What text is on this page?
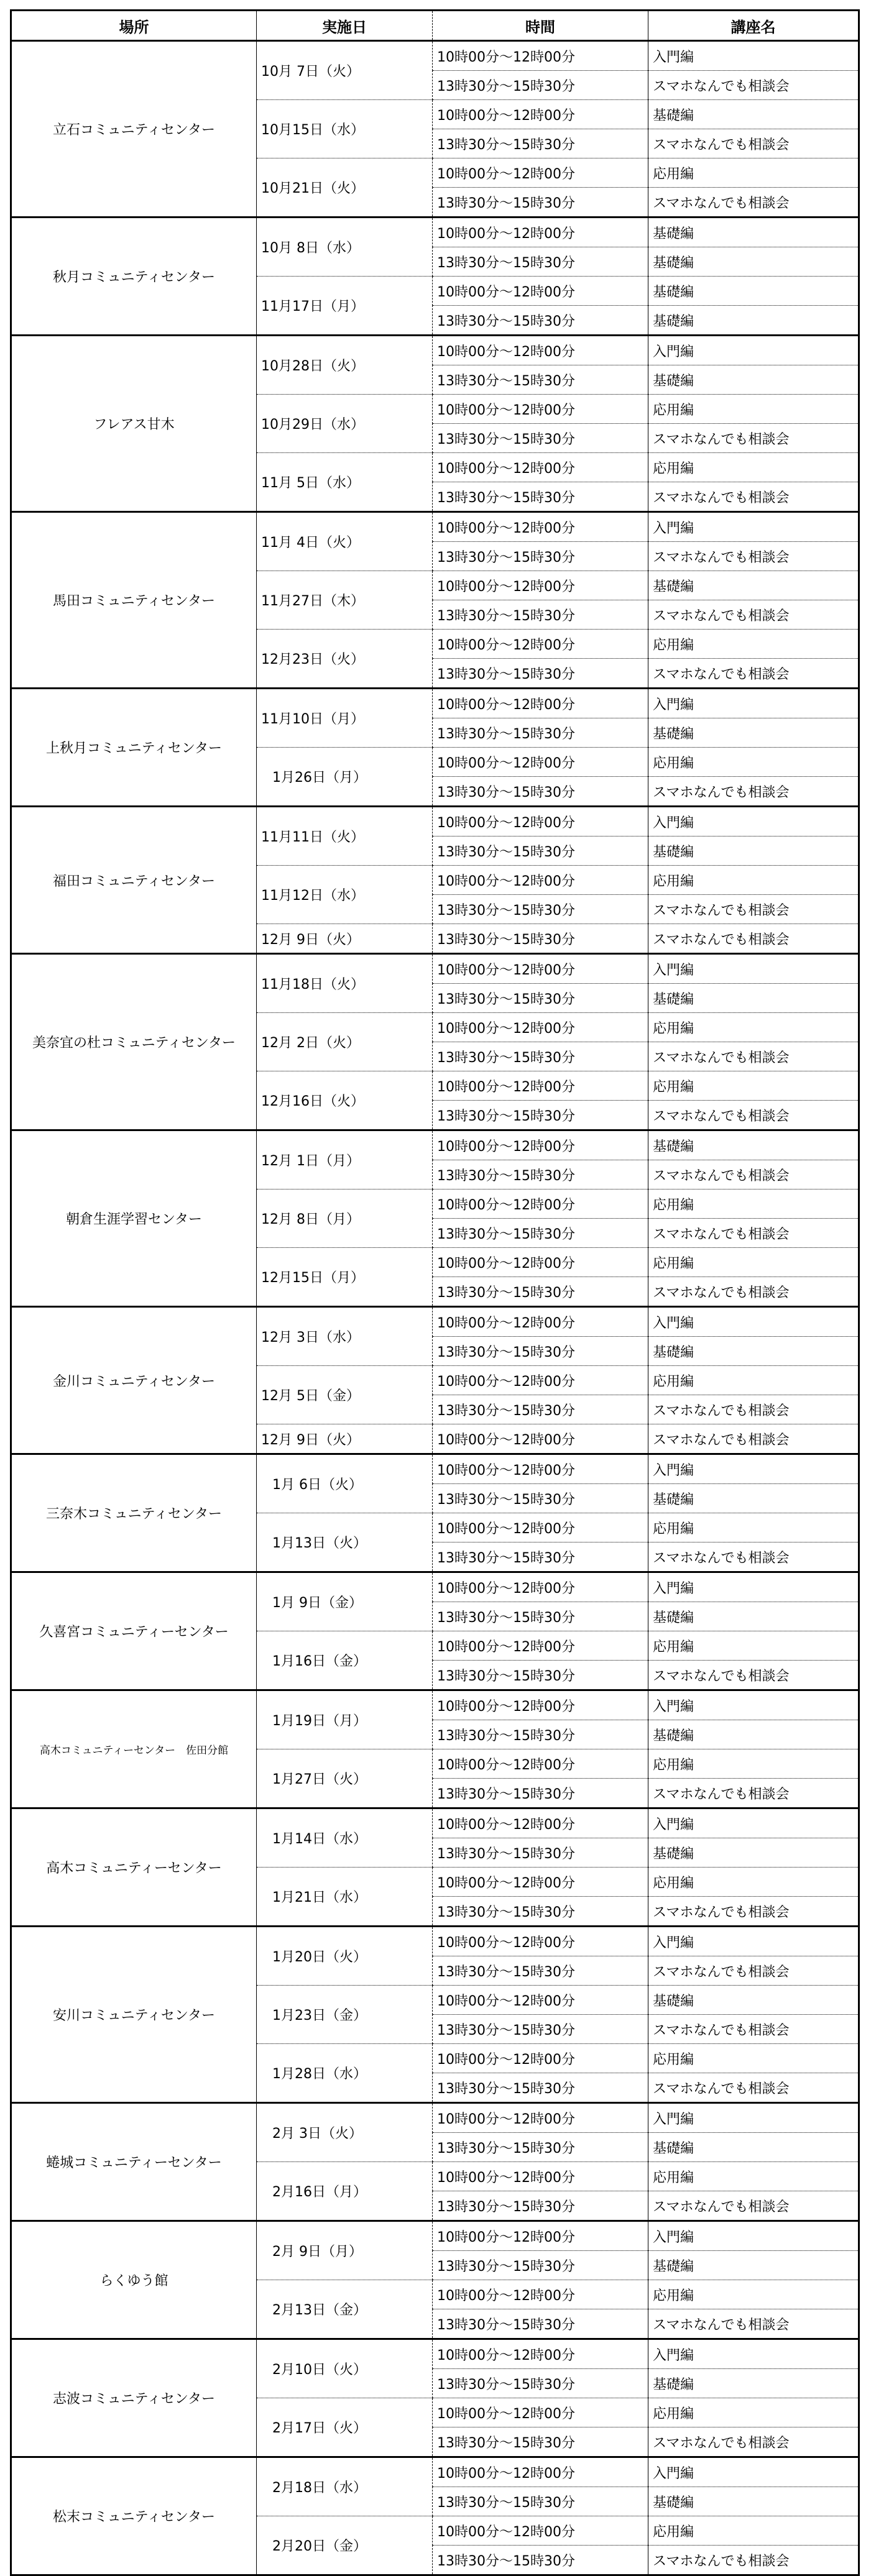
場所	実施日	時間	講座名
立石コミュニティセンター	10月 7日（火）	10時00分～12時00分	入門編
		13時30分～15時30分	スマホなんでも相談会
	10月15日（水）	10時00分～12時00分	基礎編
		13時30分～15時30分	スマホなんでも相談会
	10月21日（火）	10時00分～12時00分	応用編
		13時30分～15時30分	スマホなんでも相談会
秋月コミュニティセンター	10月 8日（水）	10時00分～12時00分	基礎編
		13時30分～15時30分	基礎編
	11月17日（月）	10時00分～12時00分	基礎編
		13時30分～15時30分	基礎編
フレアス甘木	10月28日（火）	10時00分～12時00分	入門編
		13時30分～15時30分	基礎編
	10月29日（水）	10時00分～12時00分	応用編
		13時30分～15時30分	スマホなんでも相談会
	11月 5日（水）	10時00分～12時00分	応用編
		13時30分～15時30分	スマホなんでも相談会
馬田コミュニティセンター	11月 4日（火）	10時00分～12時00分	入門編
		13時30分～15時30分	スマホなんでも相談会
	11月27日（木）	10時00分～12時00分	基礎編
		13時30分～15時30分	スマホなんでも相談会
	12月23日（火）	10時00分～12時00分	応用編
		13時30分～15時30分	スマホなんでも相談会
上秋月コミュニティセンター	11月10日（月）	10時00分～12時00分	入門編
		13時30分～15時30分	基礎編
	1月26日（月）	10時00分～12時00分	応用編
		13時30分～15時30分	スマホなんでも相談会
福田コミュニティセンター	11月11日（火）	10時00分～12時00分	入門編
		13時30分～15時30分	基礎編
	11月12日（水）	10時00分～12時00分	応用編
		13時30分～15時30分	スマホなんでも相談会
	12月 9日（火）	13時30分～15時30分	スマホなんでも相談会
美奈宜の杜コミュニティセンター	11月18日（火）	10時00分～12時00分	入門編
		13時30分～15時30分	基礎編
	12月 2日（火）	10時00分～12時00分	応用編
		13時30分～15時30分	スマホなんでも相談会
	12月16日（火）	10時00分～12時00分	応用編
		13時30分～15時30分	スマホなんでも相談会
朝倉生涯学習センター	12月 1日（月）	10時00分～12時00分	基礎編
		13時30分～15時30分	スマホなんでも相談会
	12月 8日（月）	10時00分～12時00分	応用編
		13時30分～15時30分	スマホなんでも相談会
	12月15日（月）	10時00分～12時00分	応用編
		13時30分～15時30分	スマホなんでも相談会
金川コミュニティセンター	12月 3日（水）	10時00分～12時00分	入門編
		13時30分～15時30分	基礎編
	12月 5日（金）	10時00分～12時00分	応用編
		13時30分～15時30分	スマホなんでも相談会
	12月 9日（火）	10時00分～12時00分	スマホなんでも相談会
三奈木コミュニティセンター	1月 6日（火）	10時00分～12時00分	入門編
		13時30分～15時30分	基礎編
	1月13日（火）	10時00分～12時00分	応用編
		13時30分～15時30分	スマホなんでも相談会
久喜宮コミュニティーセンター	1月 9日（金）	10時00分～12時00分	入門編
		13時30分～15時30分	基礎編
	1月16日（金）	10時00分～12時00分	応用編
		13時30分～15時30分	スマホなんでも相談会
高木コミュニティーセンター　佐田分館	1月19日（月）	10時00分～12時00分	入門編
		13時30分～15時30分	基礎編
	1月27日（火）	10時00分～12時00分	応用編
		13時30分～15時30分	スマホなんでも相談会
高木コミュニティーセンター	1月14日（水）	10時00分～12時00分	入門編
		13時30分～15時30分	基礎編
	1月21日（水）	10時00分～12時00分	応用編
		13時30分～15時30分	スマホなんでも相談会
安川コミュニティセンター	1月20日（火）	10時00分～12時00分	入門編
		13時30分～15時30分	スマホなんでも相談会
	1月23日（金）	10時00分～12時00分	基礎編
		13時30分～15時30分	スマホなんでも相談会
	1月28日（水）	10時00分～12時00分	応用編
		13時30分～15時30分	スマホなんでも相談会
蜷城コミュニティーセンター	2月 3日（火）	10時00分～12時00分	入門編
		13時30分～15時30分	基礎編
	2月16日（月）	10時00分～12時00分	応用編
		13時30分～15時30分	スマホなんでも相談会
らくゆう館	2月 9日（月）	10時00分～12時00分	入門編
		13時30分～15時30分	基礎編
	2月13日（金）	10時00分～12時00分	応用編
		13時30分～15時30分	スマホなんでも相談会
志波コミュニティセンター	2月10日（火）	10時00分～12時00分	入門編
		13時30分～15時30分	基礎編
	2月17日（火）	10時00分～12時00分	応用編
		13時30分～15時30分	スマホなんでも相談会
松末コミュニティセンター	2月18日（水）	10時00分～12時00分	入門編
		13時30分～15時30分	基礎編
	2月20日（金）	10時00分～12時00分	応用編
		13時30分～15時30分	スマホなんでも相談会
